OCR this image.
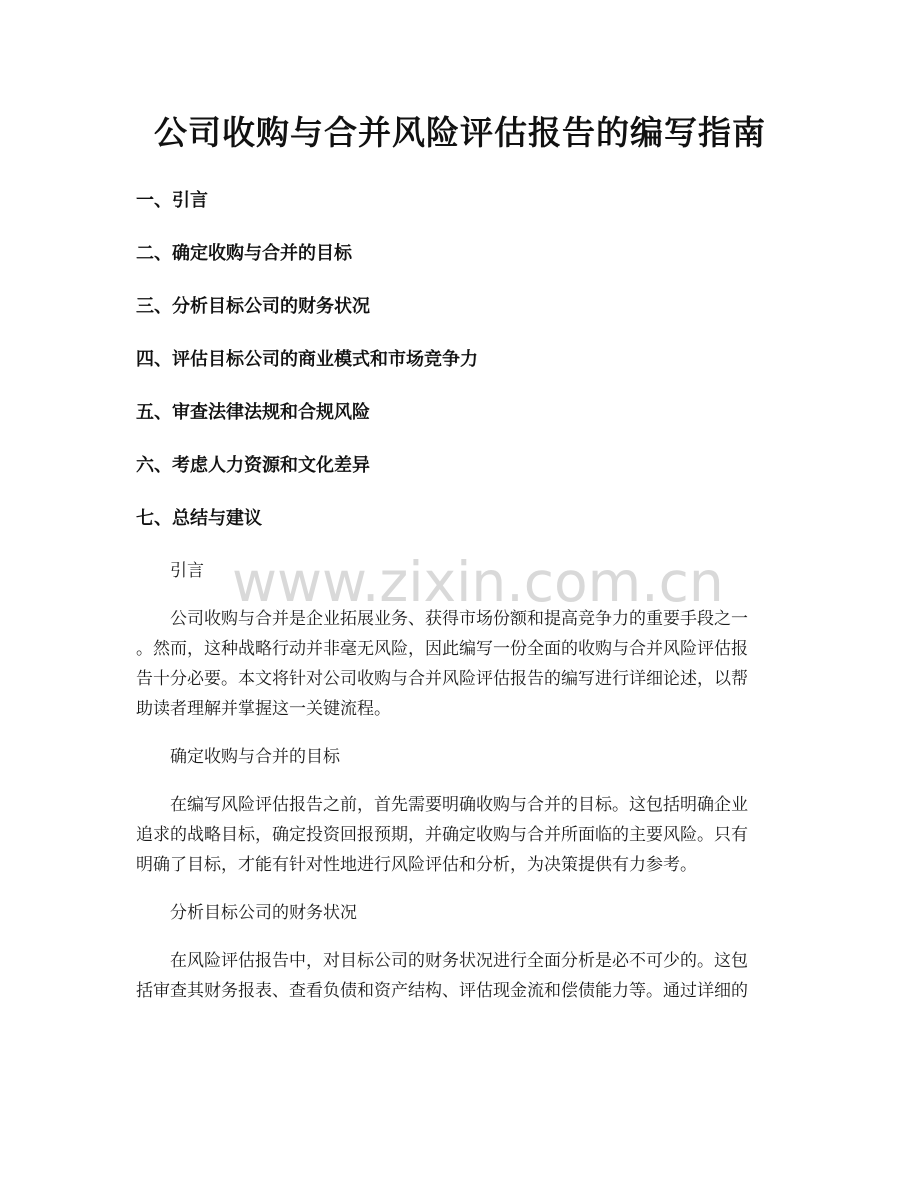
www.zixin.com.cn
公司收购与合并风险评估报告的编写指南
一、引言
二、确定收购与合并的目标
三、分析目标公司的财务状况
四、评估目标公司的商业模式和市场竞争力
五、审查法律法规和合规风险
六、考虑人力资源和文化差异
七、总结与建议
引言
公司收购与合并是企业拓展业务、获得市场份额和提高竞争力的重要手段之一
。然而，这种战略行动并非毫无风险，因此编写一份全面的收购与合并风险评估报
告十分必要。本文将针对公司收购与合并风险评估报告的编写进行详细论述，以帮
助读者理解并掌握这一关键流程。
确定收购与合并的目标
在编写风险评估报告之前，首先需要明确收购与合并的目标。这包括明确企业
追求的战略目标，确定投资回报预期，并确定收购与合并所面临的主要风险。只有
明确了目标，才能有针对性地进行风险评估和分析，为决策提供有力参考。
分析目标公司的财务状况
在风险评估报告中，对目标公司的财务状况进行全面分析是必不可少的。这包
括审查其财务报表、查看负债和资产结构、评估现金流和偿债能力等。通过详细的
